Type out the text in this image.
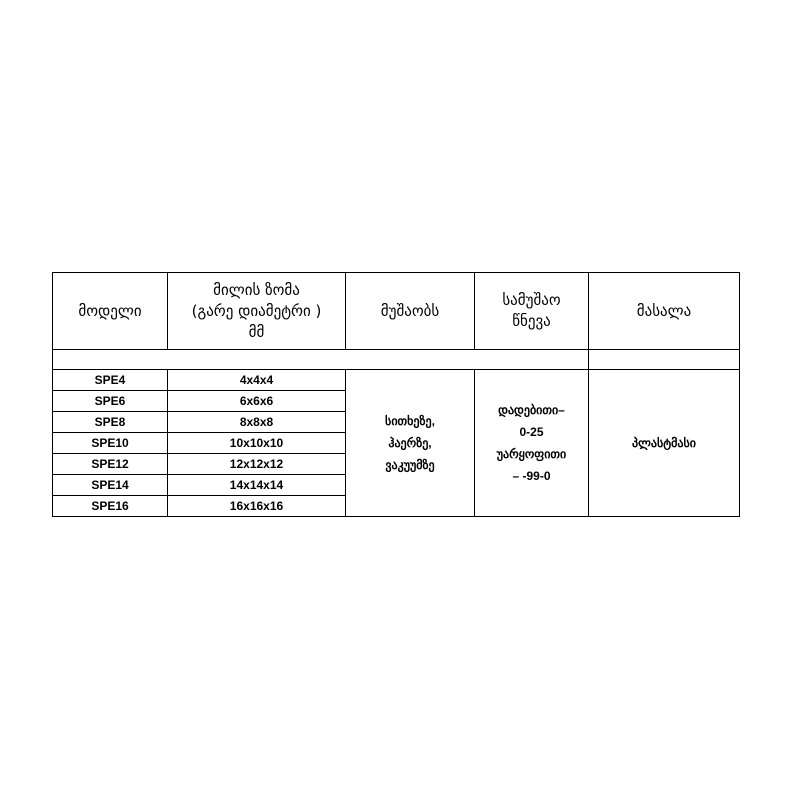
მოდელი	მილის ზომა
(გარე დიამეტრი )
მმ	მუშაობს	სამუშაო
წნევა	მასალა

SPE4	4x4x4	სითხეზე,
ჰაერზე,
ვაკუუმზე	დადებითი–
0-25
უარყოფითი
– -99-0	პლასტმასი
SPE6	6x6x6			
SPE8	8x8x8			
SPE10	10x10x10			
SPE12	12x12x12			
SPE14	14x14x14			
SPE16	16x16x16			
